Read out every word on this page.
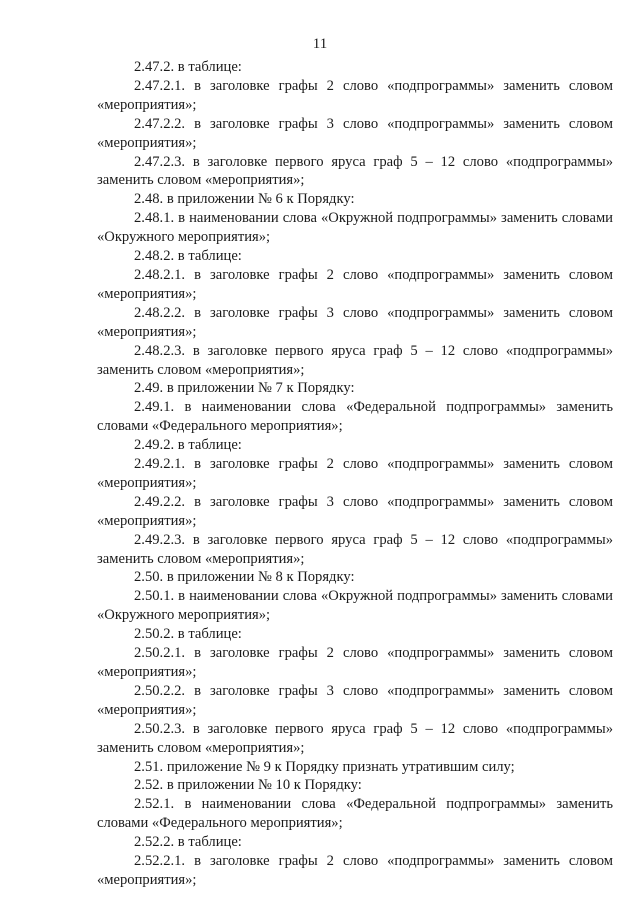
11

2.47.2. в таблице:

2.47.2.1. в заголовке графы 2 слово «подпрограммы» заменить словом «мероприятия»;

2.47.2.2. в заголовке графы 3 слово «подпрограммы» заменить словом «мероприятия»;

2.47.2.3. в заголовке первого яруса граф 5 – 12 слово «подпрограммы» заменить словом «мероприятия»;

2.48. в приложении № 6 к Порядку:

2.48.1. в наименовании слова «Окружной подпрограммы» заменить словами «Окружного мероприятия»;

2.48.2. в таблице:

2.48.2.1. в заголовке графы 2 слово «подпрограммы» заменить словом «мероприятия»;

2.48.2.2. в заголовке графы 3 слово «подпрограммы» заменить словом «мероприятия»;

2.48.2.3. в заголовке первого яруса граф 5 – 12 слово «подпрограммы» заменить словом «мероприятия»;

2.49. в приложении № 7 к Порядку:

2.49.1. в наименовании слова «Федеральной подпрограммы» заменить словами «Федерального мероприятия»;

2.49.2. в таблице:

2.49.2.1. в заголовке графы 2 слово «подпрограммы» заменить словом «мероприятия»;

2.49.2.2. в заголовке графы 3 слово «подпрограммы» заменить словом «мероприятия»;

2.49.2.3. в заголовке первого яруса граф 5 – 12 слово «подпрограммы» заменить словом «мероприятия»;

2.50. в приложении № 8 к Порядку:

2.50.1. в наименовании слова «Окружной подпрограммы» заменить словами «Окружного мероприятия»;

2.50.2. в таблице:

2.50.2.1. в заголовке графы 2 слово «подпрограммы» заменить словом «мероприятия»;

2.50.2.2. в заголовке графы 3 слово «подпрограммы» заменить словом «мероприятия»;

2.50.2.3. в заголовке первого яруса граф 5 – 12 слово «подпрограммы» заменить словом «мероприятия»;

2.51. приложение № 9 к Порядку признать утратившим силу;

2.52. в приложении № 10 к Порядку:

2.52.1. в наименовании слова «Федеральной подпрограммы» заменить словами «Федерального мероприятия»;

2.52.2. в таблице:

2.52.2.1. в заголовке графы 2 слово «подпрограммы» заменить словом «мероприятия»;
